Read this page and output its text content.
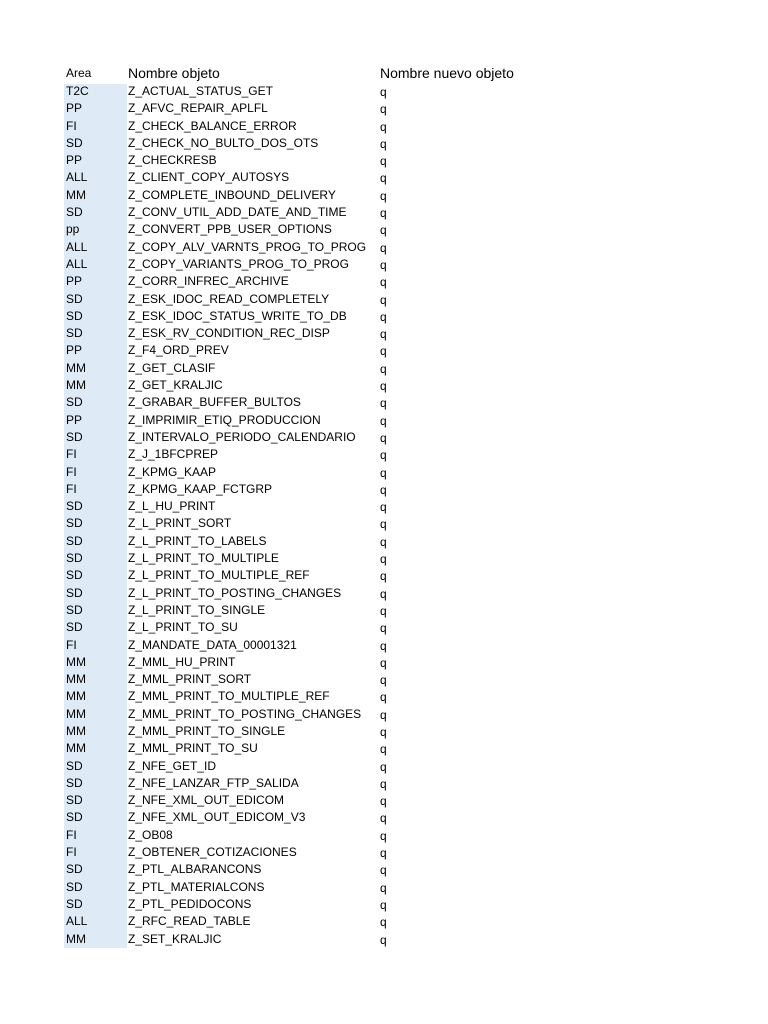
Area	Nombre objeto	Nombre nuevo objeto
T2C	Z_ACTUAL_STATUS_GET	q
PP	Z_AFVC_REPAIR_APLFL	q
FI	Z_CHECK_BALANCE_ERROR	q
SD	Z_CHECK_NO_BULTO_DOS_OTS	q
PP	Z_CHECKRESB	q
ALL	Z_CLIENT_COPY_AUTOSYS	q
MM	Z_COMPLETE_INBOUND_DELIVERY	q
SD	Z_CONV_UTIL_ADD_DATE_AND_TIME	q
pp	Z_CONVERT_PPB_USER_OPTIONS	q
ALL	Z_COPY_ALV_VARNTS_PROG_TO_PROG q
ALL	Z_COPY_VARIANTS_PROG_TO_PROG	q
PP	Z_CORR_INFREC_ARCHIVE	q
SD	Z_ESK_IDOC_READ_COMPLETELY	q
SD	Z_ESK_IDOC_STATUS_WRITE_TO_DB	q
SD	Z_ESK_RV_CONDITION_REC_DISP	q
PP	Z_F4_ORD_PREV	q
MM	Z_GET_CLASIF	q
MM	Z_GET_KRALJIC	q
SD	Z_GRABAR_BUFFER_BULTOS	q
PP	Z_IMPRIMIR_ETIQ_PRODUCCION	q
SD	Z_INTERVALO_PERIODO_CALENDARIO q
FI	Z_J_1BFCPREP	q
FI	Z_KPMG_KAAP	q
FI	Z_KPMG_KAAP_FCTGRP	q
SD	Z_L_HU_PRINT	q
SD	Z_L_PRINT_SORT	q
SD	Z_L_PRINT_TO_LABELS	q
SD	Z_L_PRINT_TO_MULTIPLE	q
SD	Z_L_PRINT_TO_MULTIPLE_REF	q
SD	Z_L_PRINT_TO_POSTING_CHANGES	q
SD	Z_L_PRINT_TO_SINGLE	q
SD	Z_L_PRINT_TO_SU	q
FI	Z_MANDATE_DATA_00001321	q
MM	Z_MML_HU_PRINT	q
MM	Z_MML_PRINT_SORT	q
MM	Z_MML_PRINT_TO_MULTIPLE_REF	q
MM	Z_MML_PRINT_TO_POSTING_CHANGES q
MM	Z_MML_PRINT_TO_SINGLE	q
MM	Z_MML_PRINT_TO_SU	q
SD	Z_NFE_GET_ID	q
SD	Z_NFE_LANZAR_FTP_SALIDA	q
SD	Z_NFE_XML_OUT_EDICOM	q
SD	Z_NFE_XML_OUT_EDICOM_V3	q
FI	Z_OB08	q
FI	Z_OBTENER_COTIZACIONES	q
SD	Z_PTL_ALBARANCONS	q
SD	Z_PTL_MATERIALCONS	q
SD	Z_PTL_PEDIDOCONS	q
ALL	Z_RFC_READ_TABLE	q
MM	Z_SET_KRALJIC	q
